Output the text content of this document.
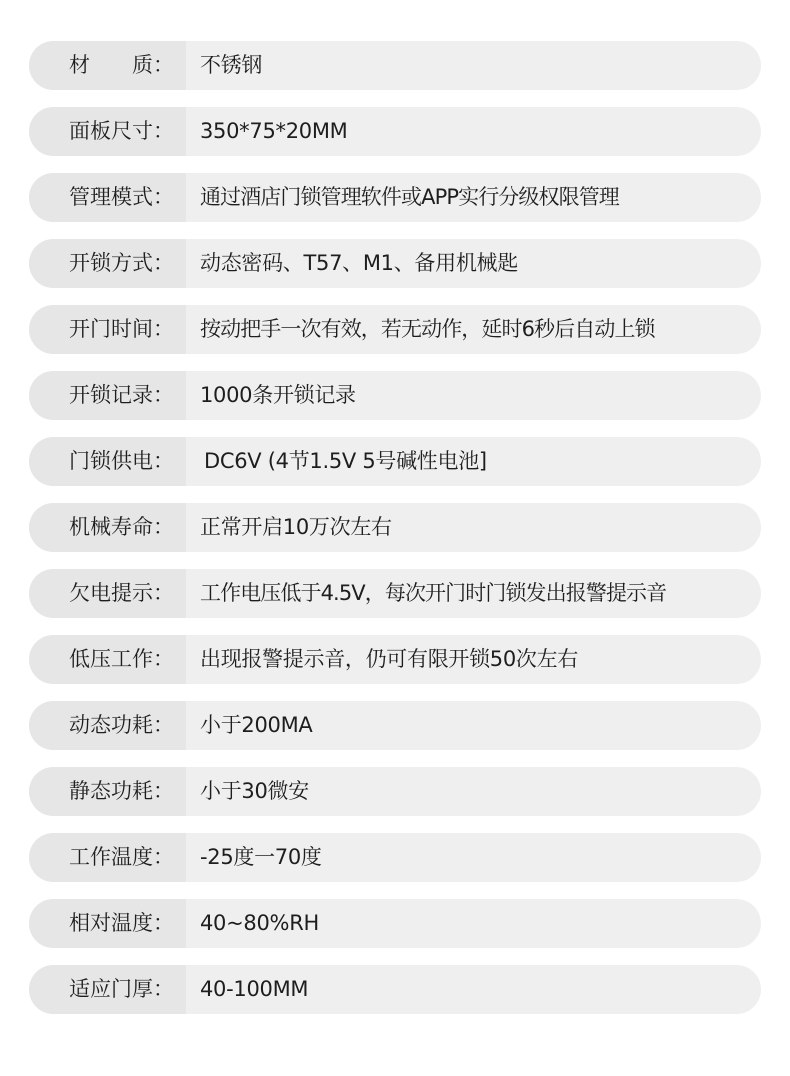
材　　质： 不锈钢
面板尺寸： 350*75*20MM
管理模式： 通过酒店门锁管理软件或APP实行分级权限管理
开锁方式： 动态密码、T57、M1、备用机械匙
开门时间： 按动把手一次有效，若无动作，延时6秒后自动上锁
开锁记录： 1000条开锁记录
门锁供电： DC6V (4节1.5V 5号碱性电池]
机械寿命： 正常开启10万次左右
欠电提示： 工作电压低于4.5V，每次开门时门锁发出报警提示音
低压工作： 出现报警提示音，仍可有限开锁50次左右
动态功耗： 小于200MA
静态功耗： 小于30微安
工作温度： -25度一70度
相对温度： 40~80%RH
适应门厚： 40-100MM
